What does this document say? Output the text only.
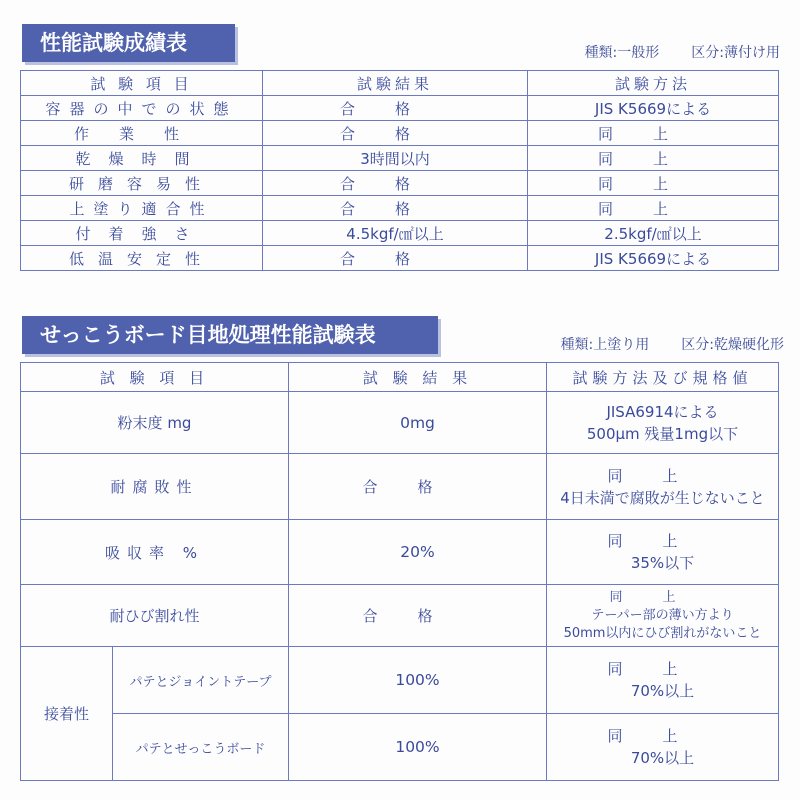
性能試験成績表	種類:一般形 区分:薄付け用
試 験 項 目	試験結果	試験方法
容器の中での状態	合格	JIS K5669による
作業性	合格	同上
乾燥時間	3時間以内	同上
研磨容易性	合格	同上
上塗り適合性	合格	同上
付着強さ	4.5kgf/㎠以上	2.5kgf/㎠以上
低温安定性	合格	JIS K5669による
せっこうボード目地処理性能試験表	種類:上塗り用 区分:乾燥硬化形
試 験 項 目		試 験 結 果	試験方法及び規格値
粉末度 mg		0mg	JISA6914による
500μm 残量1mg以下

耐腐敗性		合格	同上
4日未満で腐敗が生じないこと

吸収率 %		20%	同上
35%以下

耐ひび割れ性		合格	同上
テーパー部の薄い方より
50mm以内にひび割れがないこと

接着性	パテとジョイントテープ	100%	同上
70%以上

	パテとせっこうボード	100%	同上
70%以上
